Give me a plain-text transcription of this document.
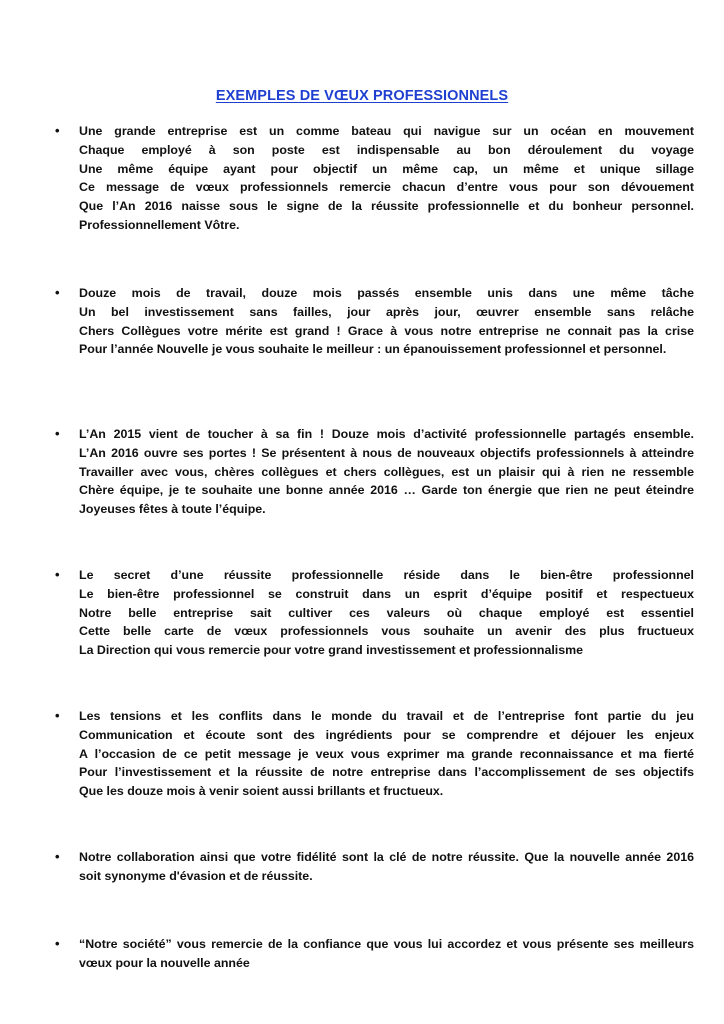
EXEMPLES DE VŒUX PROFESSIONNELS
•	Une grande entreprise est un comme bateau qui navigue sur un océan en mouvement
Chaque employé à son poste est indispensable au bon déroulement du voyage
Une même équipe ayant pour objectif un même cap, un même et unique sillage
Ce message de vœux professionnels remercie chacun d’entre vous pour son dévouement
Que l’An 2016 naisse sous le signe de la réussite professionnelle et du bonheur personnel.
Professionnellement Vôtre.
•	Douze mois de travail, douze mois passés ensemble unis dans une même tâche
Un bel investissement sans failles, jour après jour, œuvrer ensemble sans relâche
Chers Collègues votre mérite est grand ! Grace à vous notre entreprise ne connait pas la crise
Pour l’année Nouvelle je vous souhaite le meilleur : un épanouissement professionnel et personnel.
•	L’An 2015 vient de toucher à sa fin ! Douze mois d’activité professionnelle partagés ensemble.
L’An 2016 ouvre ses portes ! Se présentent à nous de nouveaux objectifs professionnels à atteindre
Travailler avec vous, chères collègues et chers collègues, est un plaisir qui à rien ne ressemble
Chère équipe, je te souhaite une bonne année 2016 … Garde ton énergie que rien ne peut éteindre
Joyeuses fêtes à toute l’équipe.
•	Le secret d’une réussite professionnelle réside dans le bien-être professionnel
Le bien-être professionnel se construit dans un esprit d’équipe positif et respectueux
Notre belle entreprise sait cultiver ces valeurs où chaque employé est essentiel
Cette belle carte de vœux professionnels vous souhaite un avenir des plus fructueux
La Direction qui vous remercie pour votre grand investissement et professionnalisme
•	Les tensions et les conflits dans le monde du travail et de l’entreprise font partie du jeu
Communication et écoute sont des ingrédients pour se comprendre et déjouer les enjeux
A l’occasion de ce petit message je veux vous exprimer ma grande reconnaissance et ma fierté
Pour l’investissement et la réussite de notre entreprise dans l’accomplissement de ses objectifs
Que les douze mois à venir soient aussi brillants et fructueux.
•	Notre collaboration ainsi que votre fidélité sont la clé de notre réussite. Que la nouvelle année 2016
soit synonyme d'évasion et de réussite.
•	“Notre société” vous remercie de la confiance que vous lui accordez et vous présente ses meilleurs
vœux pour la nouvelle année
